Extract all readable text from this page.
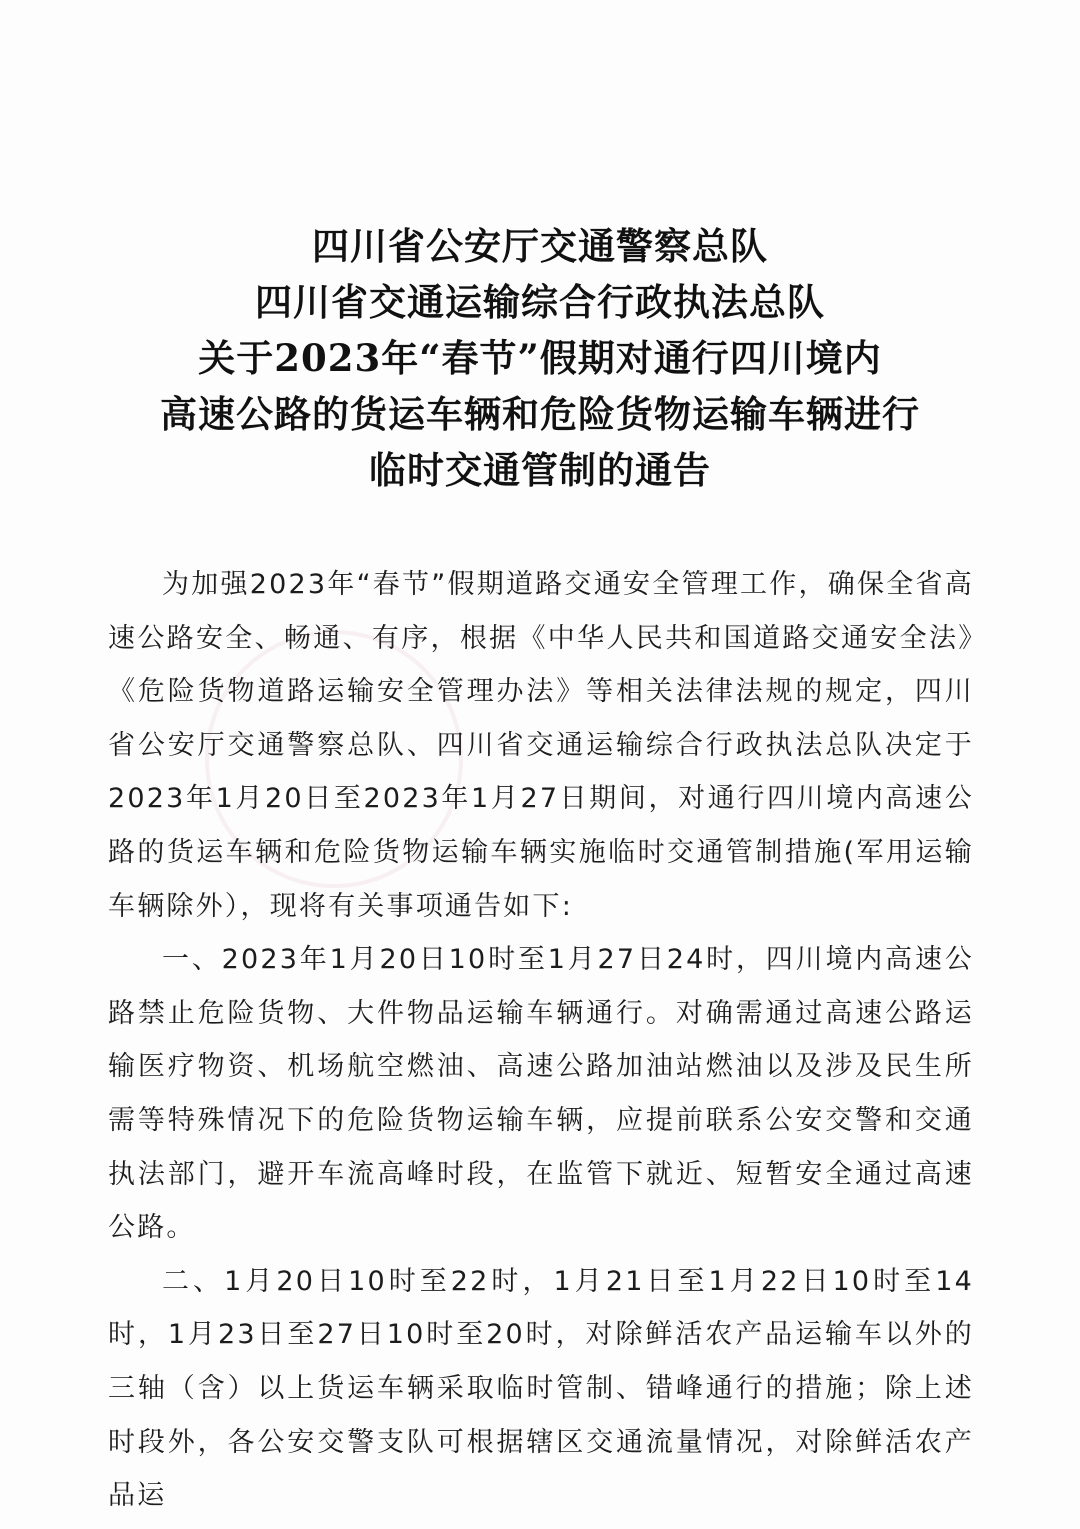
四川省公安厅交通警察总队
四川省交通运输综合行政执法总队
关于2023年“春节”假期对通行四川境内
高速公路的货运车辆和危险货物运输车辆进行
临时交通管制的通告

为加强2023年“春节”假期道路交通安全管理工作，确保全省高速公路安全、畅通、有序，根据《中华人民共和国道路交通安全法》《危险货物道路运输安全管理办法》等相关法律法规的规定，四川省公安厅交通警察总队、四川省交通运输综合行政执法总队决定于2023年1月20日至2023年1月27日期间，对通行四川境内高速公路的货运车辆和危险货物运输车辆实施临时交通管制措施(军用运输车辆除外），现将有关事项通告如下:

一、2023年1月20日10时至1月27日24时，四川境内高速公路禁止危险货物、大件物品运输车辆通行。对确需通过高速公路运输医疗物资、机场航空燃油、高速公路加油站燃油以及涉及民生所需等特殊情况下的危险货物运输车辆，应提前联系公安交警和交通执法部门，避开车流高峰时段，在监管下就近、短暂安全通过高速公路。

二、1月20日10时至22时，1月21日至1月22日10时至14时，1月23日至27日10时至20时，对除鲜活农产品运输车以外的三轴（含）以上货运车辆采取临时管制、错峰通行的措施；除上述时段外，各公安交警支队可根据辖区交通流量情况，对除鲜活农产品运
